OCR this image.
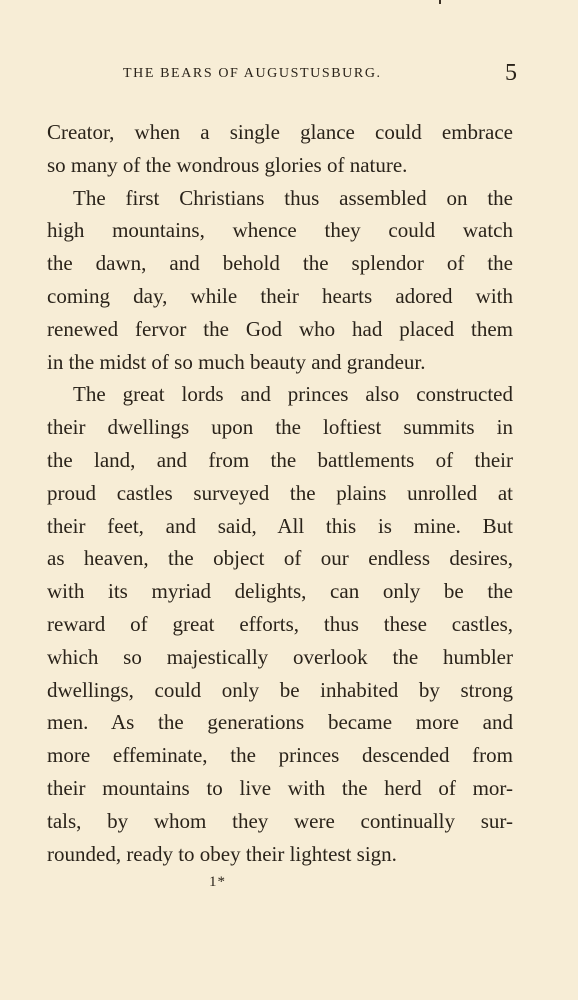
THE BEARS OF AUGUSTUSBURG.	5
Creator, when a single glance could embrace
so many of the wondrous glories of nature.
The first Christians thus assembled on the
high mountains, whence they could watch
the dawn, and behold the splendor of the
coming day, while their hearts adored with
renewed fervor the God who had placed them
in the midst of so much beauty and grandeur.
The great lords and princes also constructed
their dwellings upon the loftiest summits in
the land, and from the battlements of their
proud castles surveyed the plains unrolled at
their feet, and said, All this is mine. But
as heaven, the object of our endless desires,
with its myriad delights, can only be the
reward of great efforts, thus these castles,
which so majestically overlook the humbler
dwellings, could only be inhabited by strong
men. As the generations became more and
more effeminate, the princes descended from
their mountains to live with the herd of mor-
tals, by whom they were continually sur-
rounded, ready to obey their lightest sign.
1*
